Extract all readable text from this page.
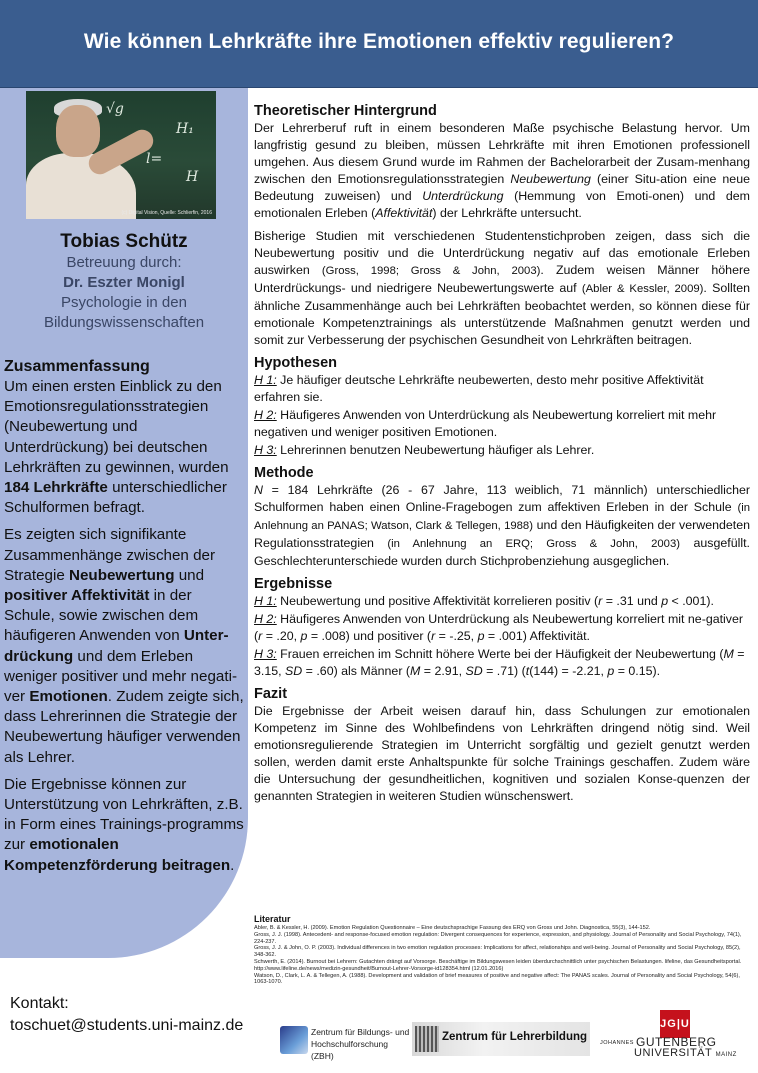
Wie können Lehrkräfte ihre Emotionen effektiv regulieren?
√g
H₁
l=
H
(c) Digital Vision, Quelle: Schlierfin, 2016
Tobias Schütz
Betreuung durch:
Dr. Eszter Monigl
Psychologie in den
Bildungswissenschaften
Zusammenfassung

Um einen ersten Einblick zu den Emotionsregulationsstrategien (Neubewertung und Unterdrückung) bei deutschen Lehrkräften zu gewinnen, wurden 184 Lehrkräfte unterschiedlicher Schulformen befragt.

Es zeigten sich signifikante Zusammenhänge zwischen der Strategie Neubewertung und positiver Affektivität in der Schule, sowie zwischen dem häufigeren Anwenden von Unter-drückung und dem Erleben weniger positiver und mehr negati-ver Emotionen. Zudem zeigte sich, dass Lehrerinnen die Strategie der Neubewertung häufiger verwenden als Lehrer.

Die Ergebnisse können zur Unterstützung von Lehrkräften, z.B. in Form eines Trainings-programms zur emotionalen Kompetenzförderung beitragen.

Kontakt:
toschuet@students.uni-mainz.de
Theoretischer Hintergrund

Der Lehrerberuf ruft in einem besonderen Maße psychische Belastung hervor. Um langfristig gesund zu bleiben, müssen Lehrkräfte mit ihren Emotionen professionell umgehen. Aus diesem Grund wurde im Rahmen der Bachelorarbeit der Zusam-menhang zwischen den Emotionsregulationsstrategien Neubewertung (einer Situ-ation eine neue Bedeutung zuweisen) und Unterdrückung (Hemmung von Emoti-onen) und dem emotionalen Erleben (Affektivität) der Lehrkräfte untersucht.

Bisherige Studien mit verschiedenen Studentenstichproben zeigen, dass sich die Neubewertung positiv und die Unterdrückung negativ auf das emotionale Erleben auswirken (Gross, 1998; Gross & John, 2003). Zudem weisen Männer höhere Unterdrückungs- und niedrigere Neubewertungswerte auf (Abler & Kessler, 2009). Sollten ähnliche Zusammenhänge auch bei Lehrkräften beobachtet werden, so können diese für emotionale Kompetenztrainings als unterstützende Maßnahmen genutzt werden und somit zur Verbesserung der psychischen Gesundheit von Lehrkräften beitragen.

Hypothesen

H 1: Je häufiger deutsche Lehrkräfte neubewerten, desto mehr positive Affektivität erfahren sie.

H 2: Häufigeres Anwenden von Unterdrückung als Neubewertung korreliert mit mehr negativen und weniger positiven Emotionen.

H 3: Lehrerinnen benutzen Neubewertung häufiger als Lehrer.

Methode

N = 184 Lehrkräfte (26 - 67 Jahre, 113 weiblich, 71 männlich) unterschiedlicher Schulformen haben einen Online-Fragebogen zum affektiven Erleben in der Schule (in Anlehnung an PANAS; Watson, Clark & Tellegen, 1988) und den Häufigkeiten der verwendeten Regulationsstrategien (in Anlehnung an ERQ; Gross & John, 2003) ausgefüllt. Geschlechterunterschiede wurden durch Stichprobenziehung ausgeglichen.

Ergebnisse

H 1: Neubewertung und positive Affektivität korrelieren positiv (r = .31 und p < .001).

H 2: Häufigeres Anwenden von Unterdrückung als Neubewertung korreliert mit ne-gativer (r = .20, p = .008) und positiver (r = -.25, p = .001) Affektivität.

H 3: Frauen erreichen im Schnitt höhere Werte bei der Häufigkeit der Neubewertung (M = 3.15, SD = .60) als Männer (M = 2.91, SD = .71) (t(144) = -2.21, p = 0.15).

Fazit

Die Ergebnisse der Arbeit weisen darauf hin, dass Schulungen zur emotionalen Kompetenz im Sinne des Wohlbefindens von Lehrkräften dringend nötig sind. Weil emotionsregulierende Strategien im Unterricht sorgfältig und gezielt genutzt werden sollen, werden damit erste Anhaltspunkte für solche Trainings geschaffen. Zudem wäre die Untersuchung der gesundheitlichen, kognitiven und sozialen Konse-quenzen der genannten Strategien in weiteren Studien wünschenswert.

Literatur
Abler, B. & Kessler, H. (2009). Emotion Regulation Questionnaire – Eine deutschsprachige Fassung des ERQ von Gross und John. Diagnostica, 55(3), 144-152.
Gross, J. J. (1998). Antecedent- and response-focused emotion regulation: Divergent consequences for experience, expression, and physiology. Journal of Personality and Social Psychology, 74(1), 224-237.
Gross, J. J. & John, O. P. (2003). Individual differences in two emotion regulation processes: Implications for affect, relationships and well-being. Journal of Personality and Social Psychology, 85(2), 348-362.
Schwerth, E. (2014). Burnout bei Lehrern: Gutachten drängt auf Vorsorge. Beschäftige im Bildungswesen leiden überdurchschnittlich unter psychischen Belastungen. lifeline, das Gesundheitsportal. http://www.lifeline.de/news/medizin-gesundheit/Burnout-Lehrer-Vorsorge-id128354.html (12.01.2016)
Watson, D., Clark, L. A. & Tellegen, A. (1988). Development and validation of brief measures of positive and negative affect: The PANAS scales. Journal of Personality and Social Psychology, 54(6), 1063-1070.
Zentrum für Bildungs- und
Hochschulforschung (ZBH)
Zentrum für Lehrerbildung
JG|U
JOHANNES GUTENBERG
UNIVERSITÄT MAINZ
